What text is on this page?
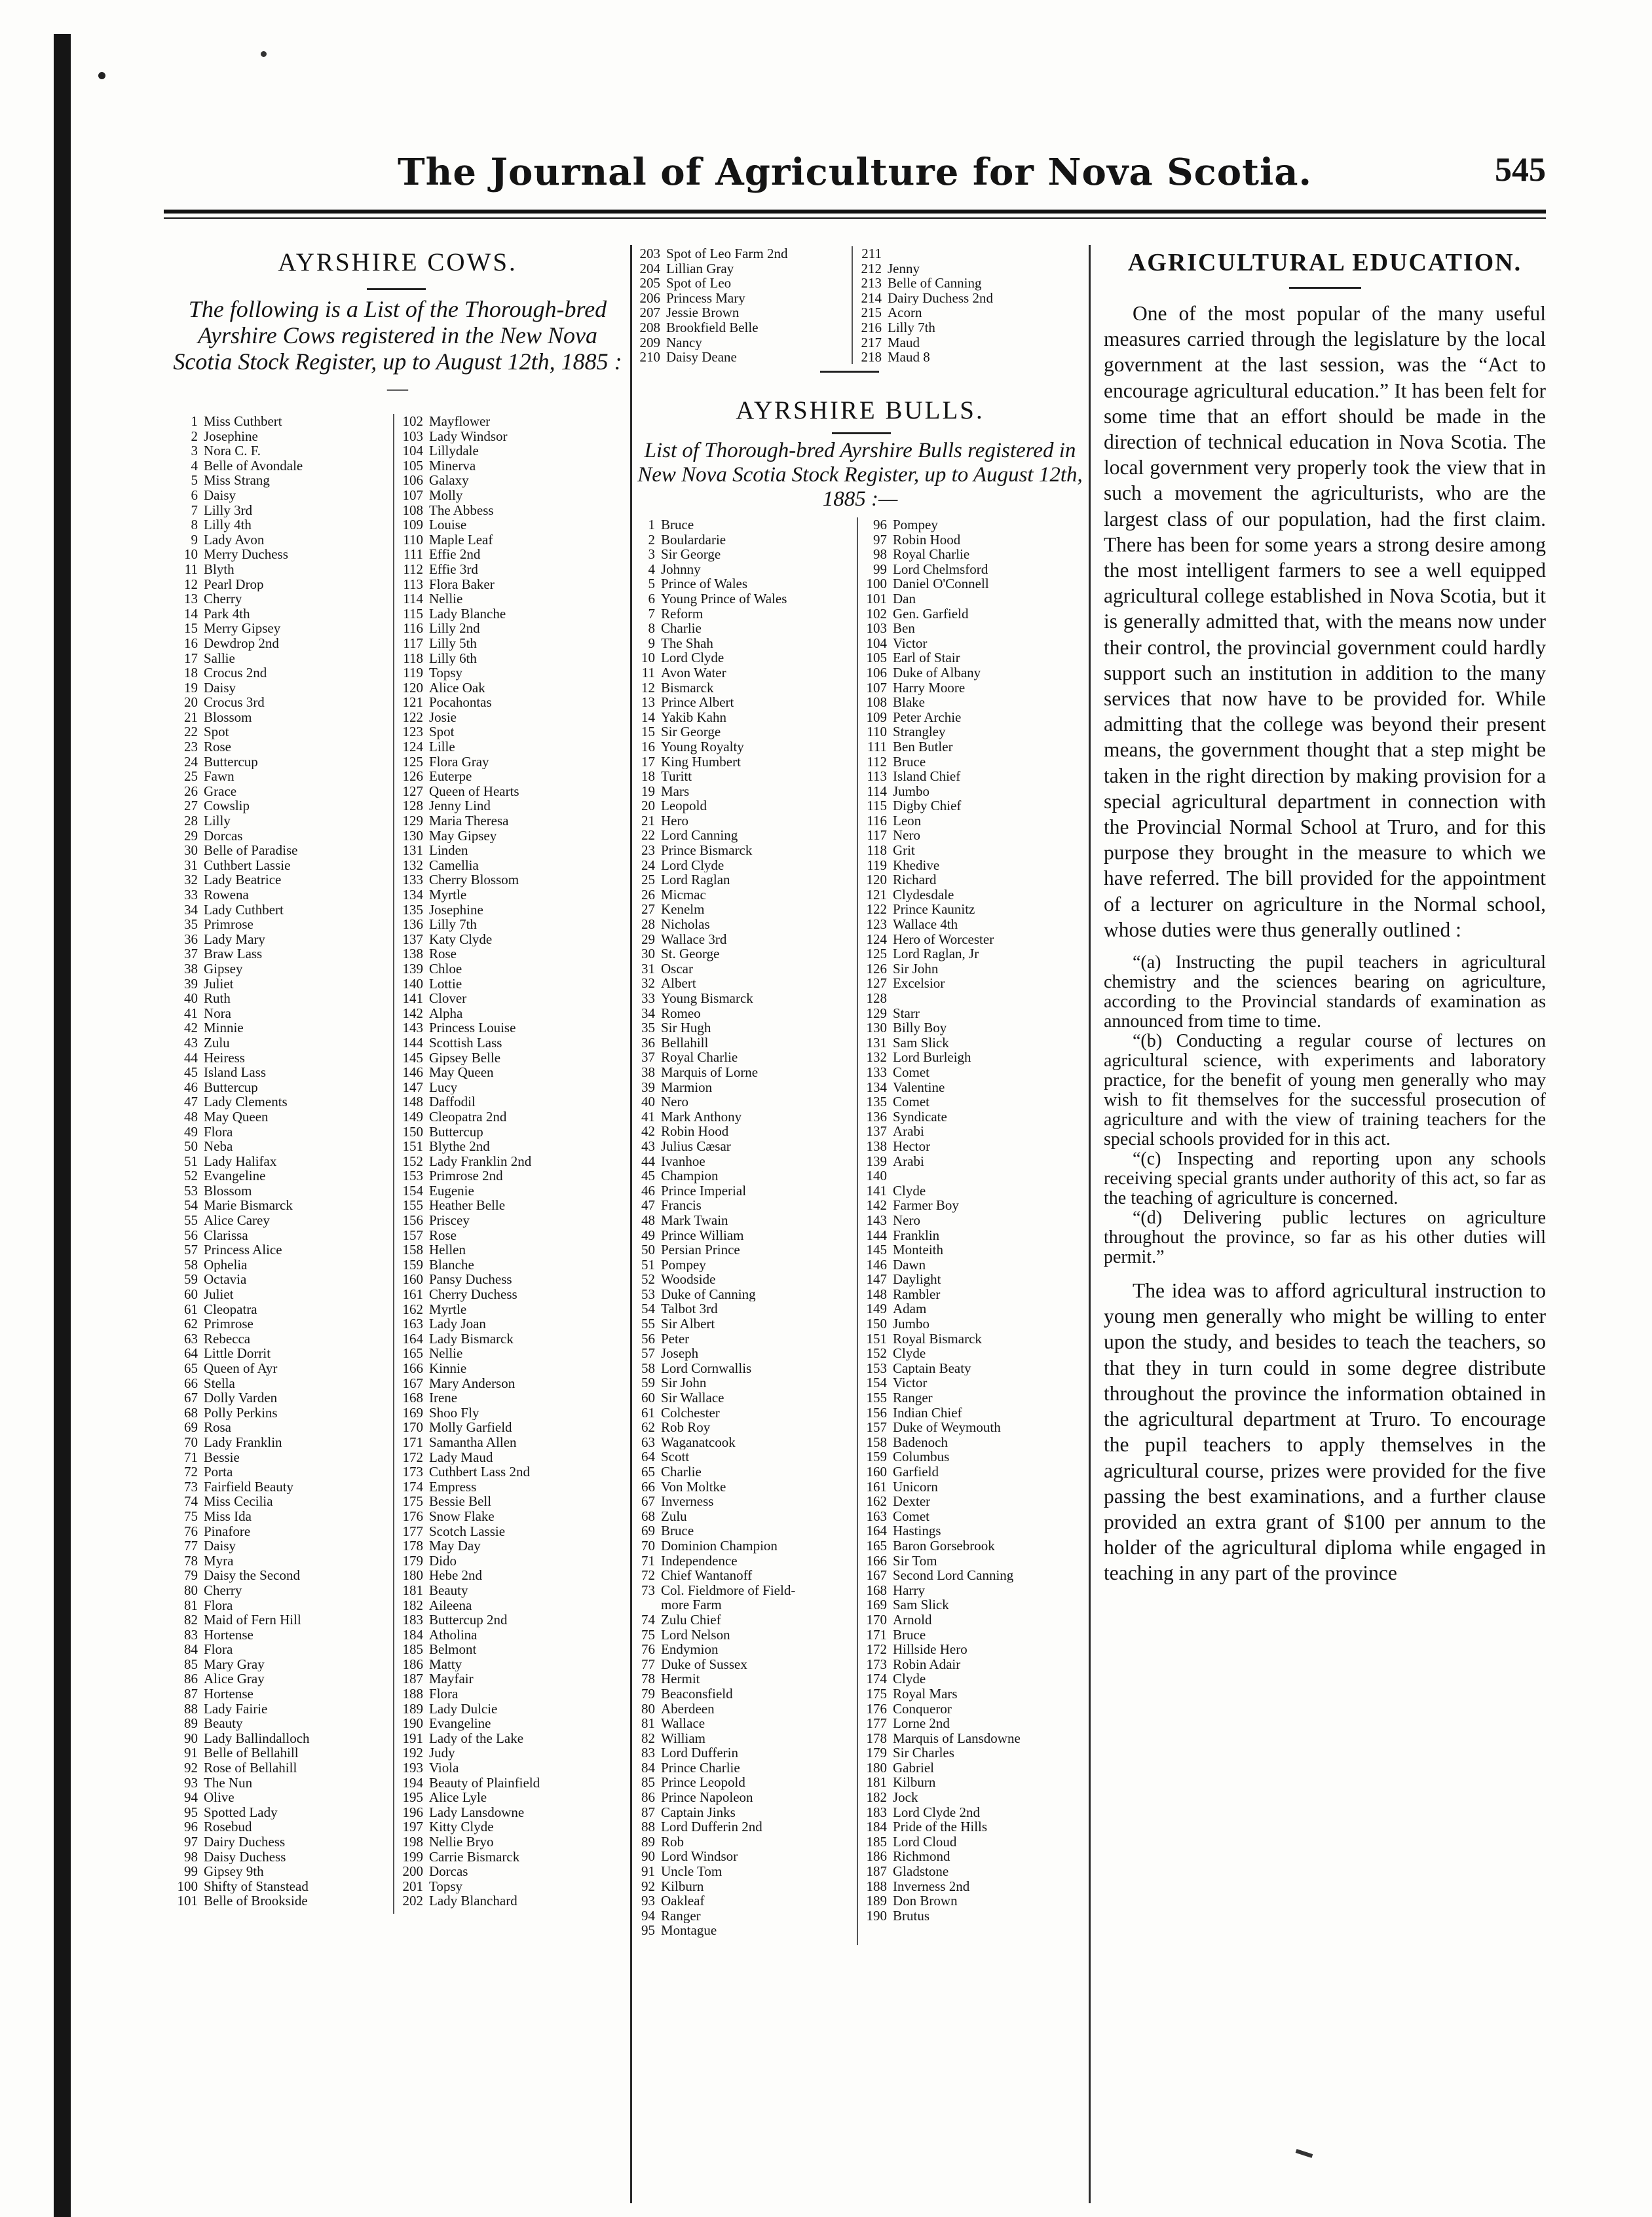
The Journal of Agriculture for Nova Scotia.	545
AYRSHIRE COWS.
The following is a List of the Thorough-bred Ayrshire Cows registered in the New Nova Scotia Stock Register, up to August 12th, 1885 :—
1 Miss Cuthbert
2 Josephine
3 Nora C. F.
4 Belle of Avondale
5 Miss Strang
6 Daisy
7 Lilly 3rd
8 Lilly 4th
9 Lady Avon
10 Merry Duchess
11 Blyth
12 Pearl Drop
13 Cherry
14 Park 4th
15 Merry Gipsey
16 Dewdrop 2nd
17 Sallie
18 Crocus 2nd
19 Daisy
20 Crocus 3rd
21 Blossom
22 Spot
23 Rose
24 Buttercup
25 Fawn
26 Grace
27 Cowslip
28 Lilly
29 Dorcas
30 Belle of Paradise
31 Cuthbert Lassie
32 Lady Beatrice
33 Rowena
34 Lady Cuthbert
35 Primrose
36 Lady Mary
37 Braw Lass
38 Gipsey
39 Juliet
40 Ruth
41 Nora
42 Minnie
43 Zulu
44 Heiress
45 Island Lass
46 Buttercup
47 Lady Clements
48 May Queen
49 Flora
50 Neba
51 Lady Halifax
52 Evangeline
53 Blossom
54 Marie Bismarck
55 Alice Carey
56 Clarissa
57 Princess Alice
58 Ophelia
59 Octavia
60 Juliet
61 Cleopatra
62 Primrose
63 Rebecca
64 Little Dorrit
65 Queen of Ayr
66 Stella
67 Dolly Varden
68 Polly Perkins
69 Rosa
70 Lady Franklin
71 Bessie
72 Porta
73 Fairfield Beauty
74 Miss Cecilia
75 Miss Ida
76 Pinafore
77 Daisy
78 Myra
79 Daisy the Second
80 Cherry
81 Flora
82 Maid of Fern Hill
83 Hortense
84 Flora
85 Mary Gray
86 Alice Gray
87 Hortense
88 Lady Fairie
89 Beauty
90 Lady Ballindalloch
91 Belle of Bellahill
92 Rose of Bellahill
93 The Nun
94 Olive
95 Spotted Lady
96 Rosebud
97 Dairy Duchess
98 Daisy Duchess
99 Gipsey 9th
100 Shifty of Stanstead
101 Belle of Brookside
102 Mayflower
103 Lady Windsor
104 Lillydale
105 Minerva
106 Galaxy
107 Molly
108 The Abbess
109 Louise
110 Maple Leaf
111 Effie 2nd
112 Effie 3rd
113 Flora Baker
114 Nellie
115 Lady Blanche
116 Lilly 2nd
117 Lilly 5th
118 Lilly 6th
119 Topsy
120 Alice Oak
121 Pocahontas
122 Josie
123 Spot
124 Lille
125 Flora Gray
126 Euterpe
127 Queen of Hearts
128 Jenny Lind
129 Maria Theresa
130 May Gipsey
131 Linden
132 Camellia
133 Cherry Blossom
134 Myrtle
135 Josephine
136 Lilly 7th
137 Katy Clyde
138 Rose
139 Chloe
140 Lottie
141 Clover
142 Alpha
143 Princess Louise
144 Scottish Lass
145 Gipsey Belle
146 May Queen
147 Lucy
148 Daffodil
149 Cleopatra 2nd
150 Buttercup
151 Blythe 2nd
152 Lady Franklin 2nd
153 Primrose 2nd
154 Eugenie
155 Heather Belle
156 Priscey
157 Rose
158 Hellen
159 Blanche
160 Pansy Duchess
161 Cherry Duchess
162 Myrtle
163 Lady Joan
164 Lady Bismarck
165 Nellie
166 Kinnie
167 Mary Anderson
168 Irene
169 Shoo Fly
170 Molly Garfield
171 Samantha Allen
172 Lady Maud
173 Cuthbert Lass 2nd
174 Empress
175 Bessie Bell
176 Snow Flake
177 Scotch Lassie
178 May Day
179 Dido
180 Hebe 2nd
181 Beauty
182 Aileena
183 Buttercup 2nd
184 Atholina
185 Belmont
186 Matty
187 Mayfair
188 Flora
189 Lady Dulcie
190 Evangeline
191 Lady of the Lake
192 Judy
193 Viola
194 Beauty of Plainfield
195 Alice Lyle
196 Lady Lansdowne
197 Kitty Clyde
198 Nellie Bryo
199 Carrie Bismarck
200 Dorcas
201 Topsy
202 Lady Blanchard
203 Spot of Leo Farm 2nd
204 Lillian Gray
205 Spot of Leo
206 Princess Mary
207 Jessie Brown
208 Brookfield Belle
209 Nancy
210 Daisy Deane
211
212 Jenny
213 Belle of Canning
214 Dairy Duchess 2nd
215 Acorn
216 Lilly 7th
217 Maud
218 Maud 8
AYRSHIRE BULLS.
List of Thorough-bred Ayrshire Bulls registered in New Nova Scotia Stock Register, up to August 12th, 1885 :—
1 Bruce
2 Boulardarie
3 Sir George
4 Johnny
5 Prince of Wales
6 Young Prince of Wales
7 Reform
8 Charlie
9 The Shah
10 Lord Clyde
11 Avon Water
12 Bismarck
13 Prince Albert
14 Yakib Kahn
15 Sir George
16 Young Royalty
17 King Humbert
18 Turitt
19 Mars
20 Leopold
21 Hero
22 Lord Canning
23 Prince Bismarck
24 Lord Clyde
25 Lord Raglan
26 Micmac
27 Kenelm
28 Nicholas
29 Wallace 3rd
30 St. George
31 Oscar
32 Albert
33 Young Bismarck
34 Romeo
35 Sir Hugh
36 Bellahill
37 Royal Charlie
38 Marquis of Lorne
39 Marmion
40 Nero
41 Mark Anthony
42 Robin Hood
43 Julius Cæsar
44 Ivanhoe
45 Champion
46 Prince Imperial
47 Francis
48 Mark Twain
49 Prince William
50 Persian Prince
51 Pompey
52 Woodside
53 Duke of Canning
54 Talbot 3rd
55 Sir Albert
56 Peter
57 Joseph
58 Lord Cornwallis
59 Sir John
60 Sir Wallace
61 Colchester
62 Rob Roy
63 Waganatcook
64 Scott
65 Charlie
66 Von Moltke
67 Inverness
68 Zulu
69 Bruce
70 Dominion Champion
71 Independence
72 Chief Wantanoff
73 Col. Fieldmore of Field-
more Farm
74 Zulu Chief
75 Lord Nelson
76 Endymion
77 Duke of Sussex
78 Hermit
79 Beaconsfield
80 Aberdeen
81 Wallace
82 William
83 Lord Dufferin
84 Prince Charlie
85 Prince Leopold
86 Prince Napoleon
87 Captain Jinks
88 Lord Dufferin 2nd
89 Rob
90 Lord Windsor
91 Uncle Tom
92 Kilburn
93 Oakleaf
94 Ranger
95 Montague
96 Pompey
97 Robin Hood
98 Royal Charlie
99 Lord Chelmsford
100 Daniel O'Connell
101 Dan
102 Gen. Garfield
103 Ben
104 Victor
105 Earl of Stair
106 Duke of Albany
107 Harry Moore
108 Blake
109 Peter Archie
110 Strangley
111 Ben Butler
112 Bruce
113 Island Chief
114 Jumbo
115 Digby Chief
116 Leon
117 Nero
118 Grit
119 Khedive
120 Richard
121 Clydesdale
122 Prince Kaunitz
123 Wallace 4th
124 Hero of Worcester
125 Lord Raglan, Jr
126 Sir John
127 Excelsior
128
129 Starr
130 Billy Boy
131 Sam Slick
132 Lord Burleigh
133 Comet
134 Valentine
135 Comet
136 Syndicate
137 Arabi
138 Hector
139 Arabi
140
141 Clyde
142 Farmer Boy
143 Nero
144 Franklin
145 Monteith
146 Dawn
147 Daylight
148 Rambler
149 Adam
150 Jumbo
151 Royal Bismarck
152 Clyde
153 Captain Beaty
154 Victor
155 Ranger
156 Indian Chief
157 Duke of Weymouth
158 Badenoch
159 Columbus
160 Garfield
161 Unicorn
162 Dexter
163 Comet
164 Hastings
165 Baron Gorsebrook
166 Sir Tom
167 Second Lord Canning
168 Harry
169 Sam Slick
170 Arnold
171 Bruce
172 Hillside Hero
173 Robin Adair
174 Clyde
175 Royal Mars
176 Conqueror
177 Lorne 2nd
178 Marquis of Lansdowne
179 Sir Charles
180 Gabriel
181 Kilburn
182 Jock
183 Lord Clyde 2nd
184 Pride of the Hills
185 Lord Cloud
186 Richmond
187 Gladstone
188 Inverness 2nd
189 Don Brown
190 Brutus
AGRICULTURAL EDUCATION.

One of the most popular of the many useful measures carried through the legislature by the local government at the last session, was the “Act to encourage agricultural education.” It has been felt for some time that an effort should be made in the direction of technical education in Nova Scotia. The local government very properly took the view that in such a movement the agriculturists, who are the largest class of our population, had the first claim. There has been for some years a strong desire among the most intelligent farmers to see a well equipped agricultural college established in Nova Scotia, but it is generally admitted that, with the means now under their control, the provincial government could hardly support such an institution in addition to the many services that now have to be provided for. While admitting that the college was beyond their present means, the government thought that a step might be taken in the right direction by making provision for a special agricultural department in connection with the Provincial Normal School at Truro, and for this purpose they brought in the measure to which we have referred. The bill provided for the appointment of a lecturer on agriculture in the Normal school, whose duties were thus generally outlined :

“(a) Instructing the pupil teachers in agricultural chemistry and the sciences bearing on agriculture, according to the Provincial standards of examination as announced from time to time.

“(b) Conducting a regular course of lectures on agricultural science, with experiments and laboratory practice, for the benefit of young men generally who may wish to fit themselves for the successful prosecution of agriculture and with the view of training teachers for the special schools provided for in this act.

“(c) Inspecting and reporting upon any schools receiving special grants under authority of this act, so far as the teaching of agriculture is concerned.

“(d) Delivering public lectures on agriculture throughout the province, so far as his other duties will permit.”

The idea was to afford agricultural instruction to young men generally who might be willing to enter upon the study, and besides to teach the teachers, so that they in turn could in some degree distribute throughout the province the information obtained in the agricultural department at Truro. To encourage the pupil teachers to apply themselves in the agricultural course, prizes were provided for the five passing the best examinations, and a further clause provided an extra grant of $100 per annum to the holder of the agricultural diploma while engaged in teaching in any part of the province
